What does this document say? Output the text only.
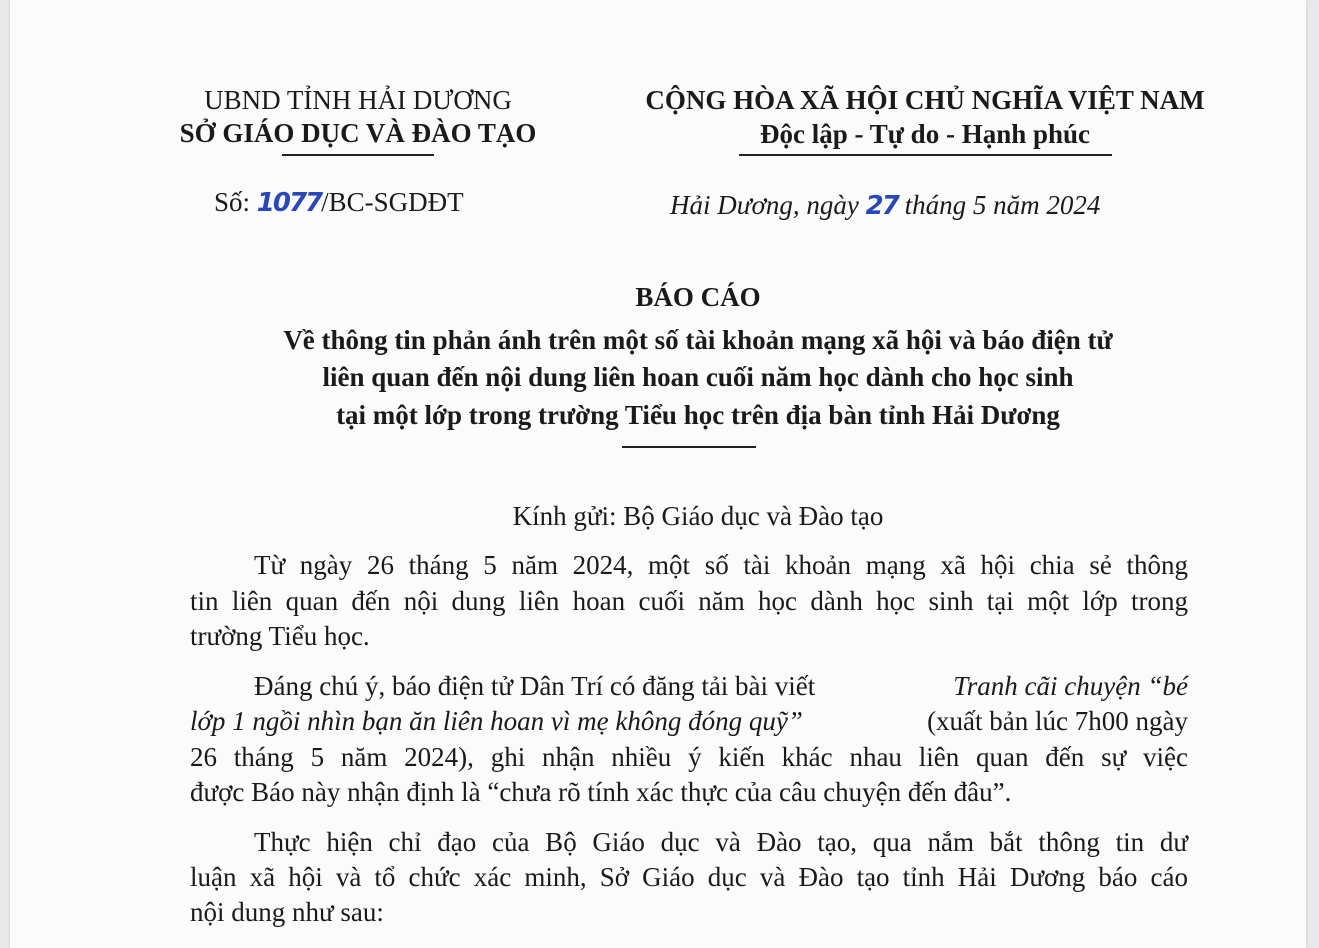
UBND TỈNH HẢI DƯƠNG
SỞ GIÁO DỤC VÀ ĐÀO TẠO
CỘNG HÒA XÃ HỘI CHỦ NGHĨA VIỆT NAM
Độc lập - Tự do - Hạnh phúc
Số: 1077/BC-SGDĐT	Hải Dương, ngày 27 tháng 5 năm 2024
BÁO CÁO
Về thông tin phản ánh trên một số tài khoản mạng xã hội và báo điện tử
liên quan đến nội dung liên hoan cuối năm học dành cho học sinh
tại một lớp trong trường Tiểu học trên địa bàn tỉnh Hải Dương
Kính gửi: Bộ Giáo dục và Đào tạo
Từ ngày 26 tháng 5 năm 2024, một số tài khoản mạng xã hội chia sẻ thông
tin liên quan đến nội dung liên hoan cuối năm học dành học sinh tại một lớp trong
trường Tiểu học.
Đáng chú ý, báo điện tử Dân Trí có đăng tải bài viết	Tranh cãi chuyện “bé
lớp 1 ngồi nhìn bạn ăn liên hoan vì mẹ không đóng quỹ”	(xuất bản lúc 7h00 ngày
26 tháng 5 năm 2024), ghi nhận nhiều ý kiến khác nhau liên quan đến sự việc
được Báo này nhận định là “chưa rõ tính xác thực của câu chuyện đến đâu”.
Thực hiện chỉ đạo của Bộ Giáo dục và Đào tạo, qua nắm bắt thông tin dư
luận xã hội và tổ chức xác minh, Sở Giáo dục và Đào tạo tỉnh Hải Dương báo cáo
nội dung như sau:
